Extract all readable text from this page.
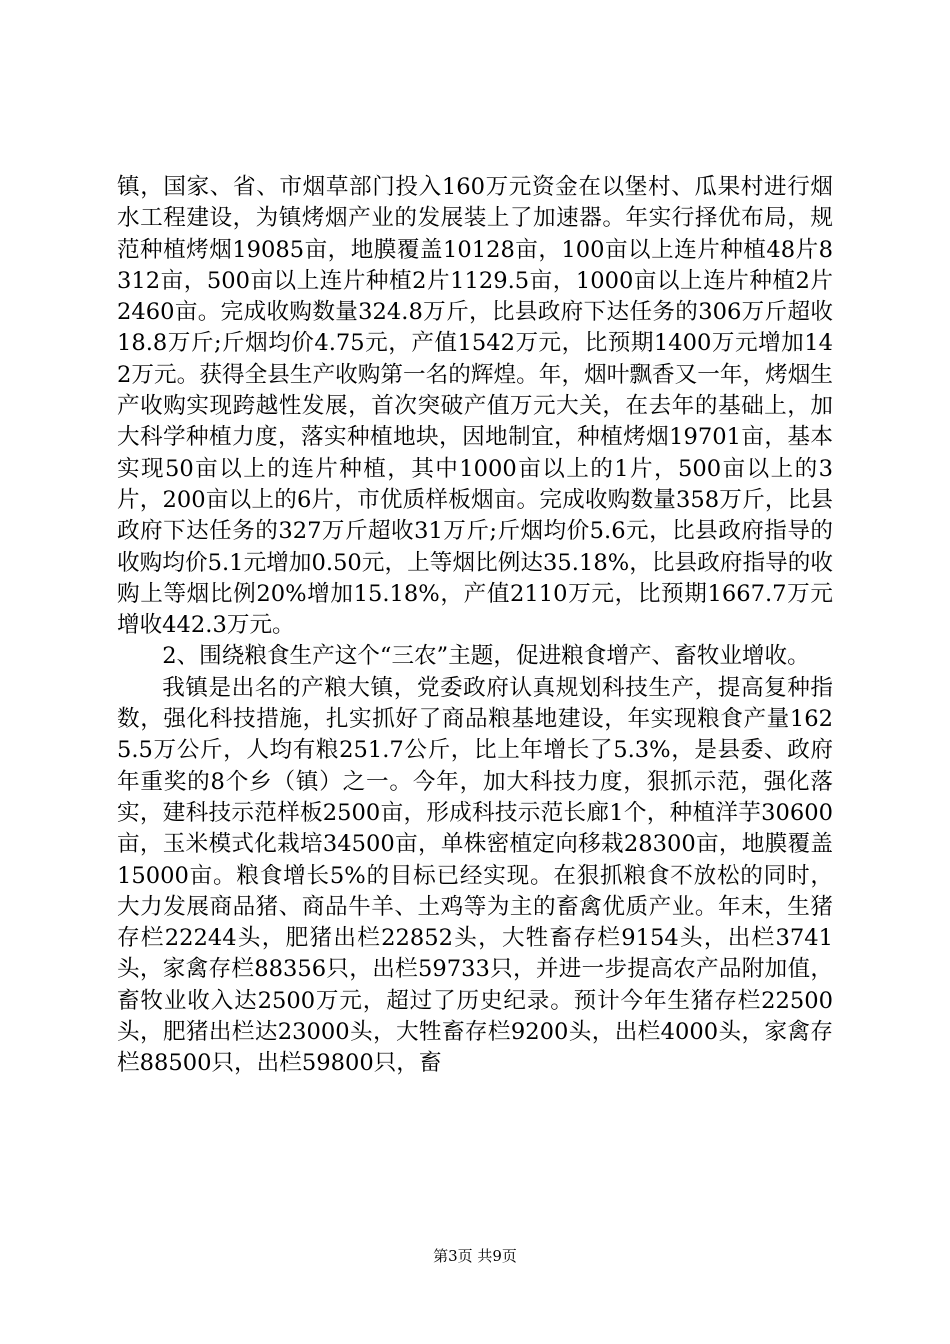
镇，国家、省、市烟草部门投入160万元资金在以堡村、瓜果村进行烟水工程建设，为镇烤烟产业的发展装上了加速器。年实行择优布局，规范种植烤烟19085亩，地膜覆盖10128亩，100亩以上连片种植48片8312亩，500亩以上连片种植2片1129.5亩，1000亩以上连片种植2片2460亩。完成收购数量324.8万斤，比县政府下达任务的306万斤超收18.8万斤;斤烟均价4.75元，产值1542万元，比预期1400万元增加142万元。获得全县生产收购第一名的辉煌。年，烟叶飘香又一年，烤烟生产收购实现跨越性发展，首次突破产值万元大关，在去年的基础上，加大科学种植力度，落实种植地块，因地制宜，种植烤烟19701亩，基本实现50亩以上的连片种植，其中1000亩以上的1片，500亩以上的3片，200亩以上的6片，市优质样板烟亩。完成收购数量358万斤，比县政府下达任务的327万斤超收31万斤;斤烟均价5.6元，比县政府指导的收购均价5.1元增加0.50元，上等烟比例达35.18%，比县政府指导的收购上等烟比例20%增加15.18%，产值2110万元，比预期1667.7万元增收442.3万元。

2、围绕粮食生产这个“三农”主题，促进粮食增产、畜牧业增收。

我镇是出名的产粮大镇，党委政府认真规划科技生产，提高复种指数，强化科技措施，扎实抓好了商品粮基地建设，年实现粮食产量1625.5万公斤，人均有粮251.7公斤，比上年增长了5.3%，是县委、政府年重奖的8个乡（镇）之一。今年，加大科技力度，狠抓示范，强化落实，建科技示范样板2500亩，形成科技示范长廊1个，种植洋芋30600亩，玉米模式化栽培34500亩，单株密植定向移栽28300亩，地膜覆盖15000亩。粮食增长5%的目标已经实现。在狠抓粮食不放松的同时，大力发展商品猪、商品牛羊、土鸡等为主的畜禽优质产业。年末，生猪存栏22244头，肥猪出栏22852头，大牲畜存栏9154头，出栏3741头，家禽存栏88356只，出栏59733只，并进一步提高农产品附加值，畜牧业收入达2500万元，超过了历史纪录。预计今年生猪存栏22500头，肥猪出栏达23000头，大牲畜存栏9200头，出栏4000头，家禽存栏88500只，出栏59800只，畜

第3页 共9页
